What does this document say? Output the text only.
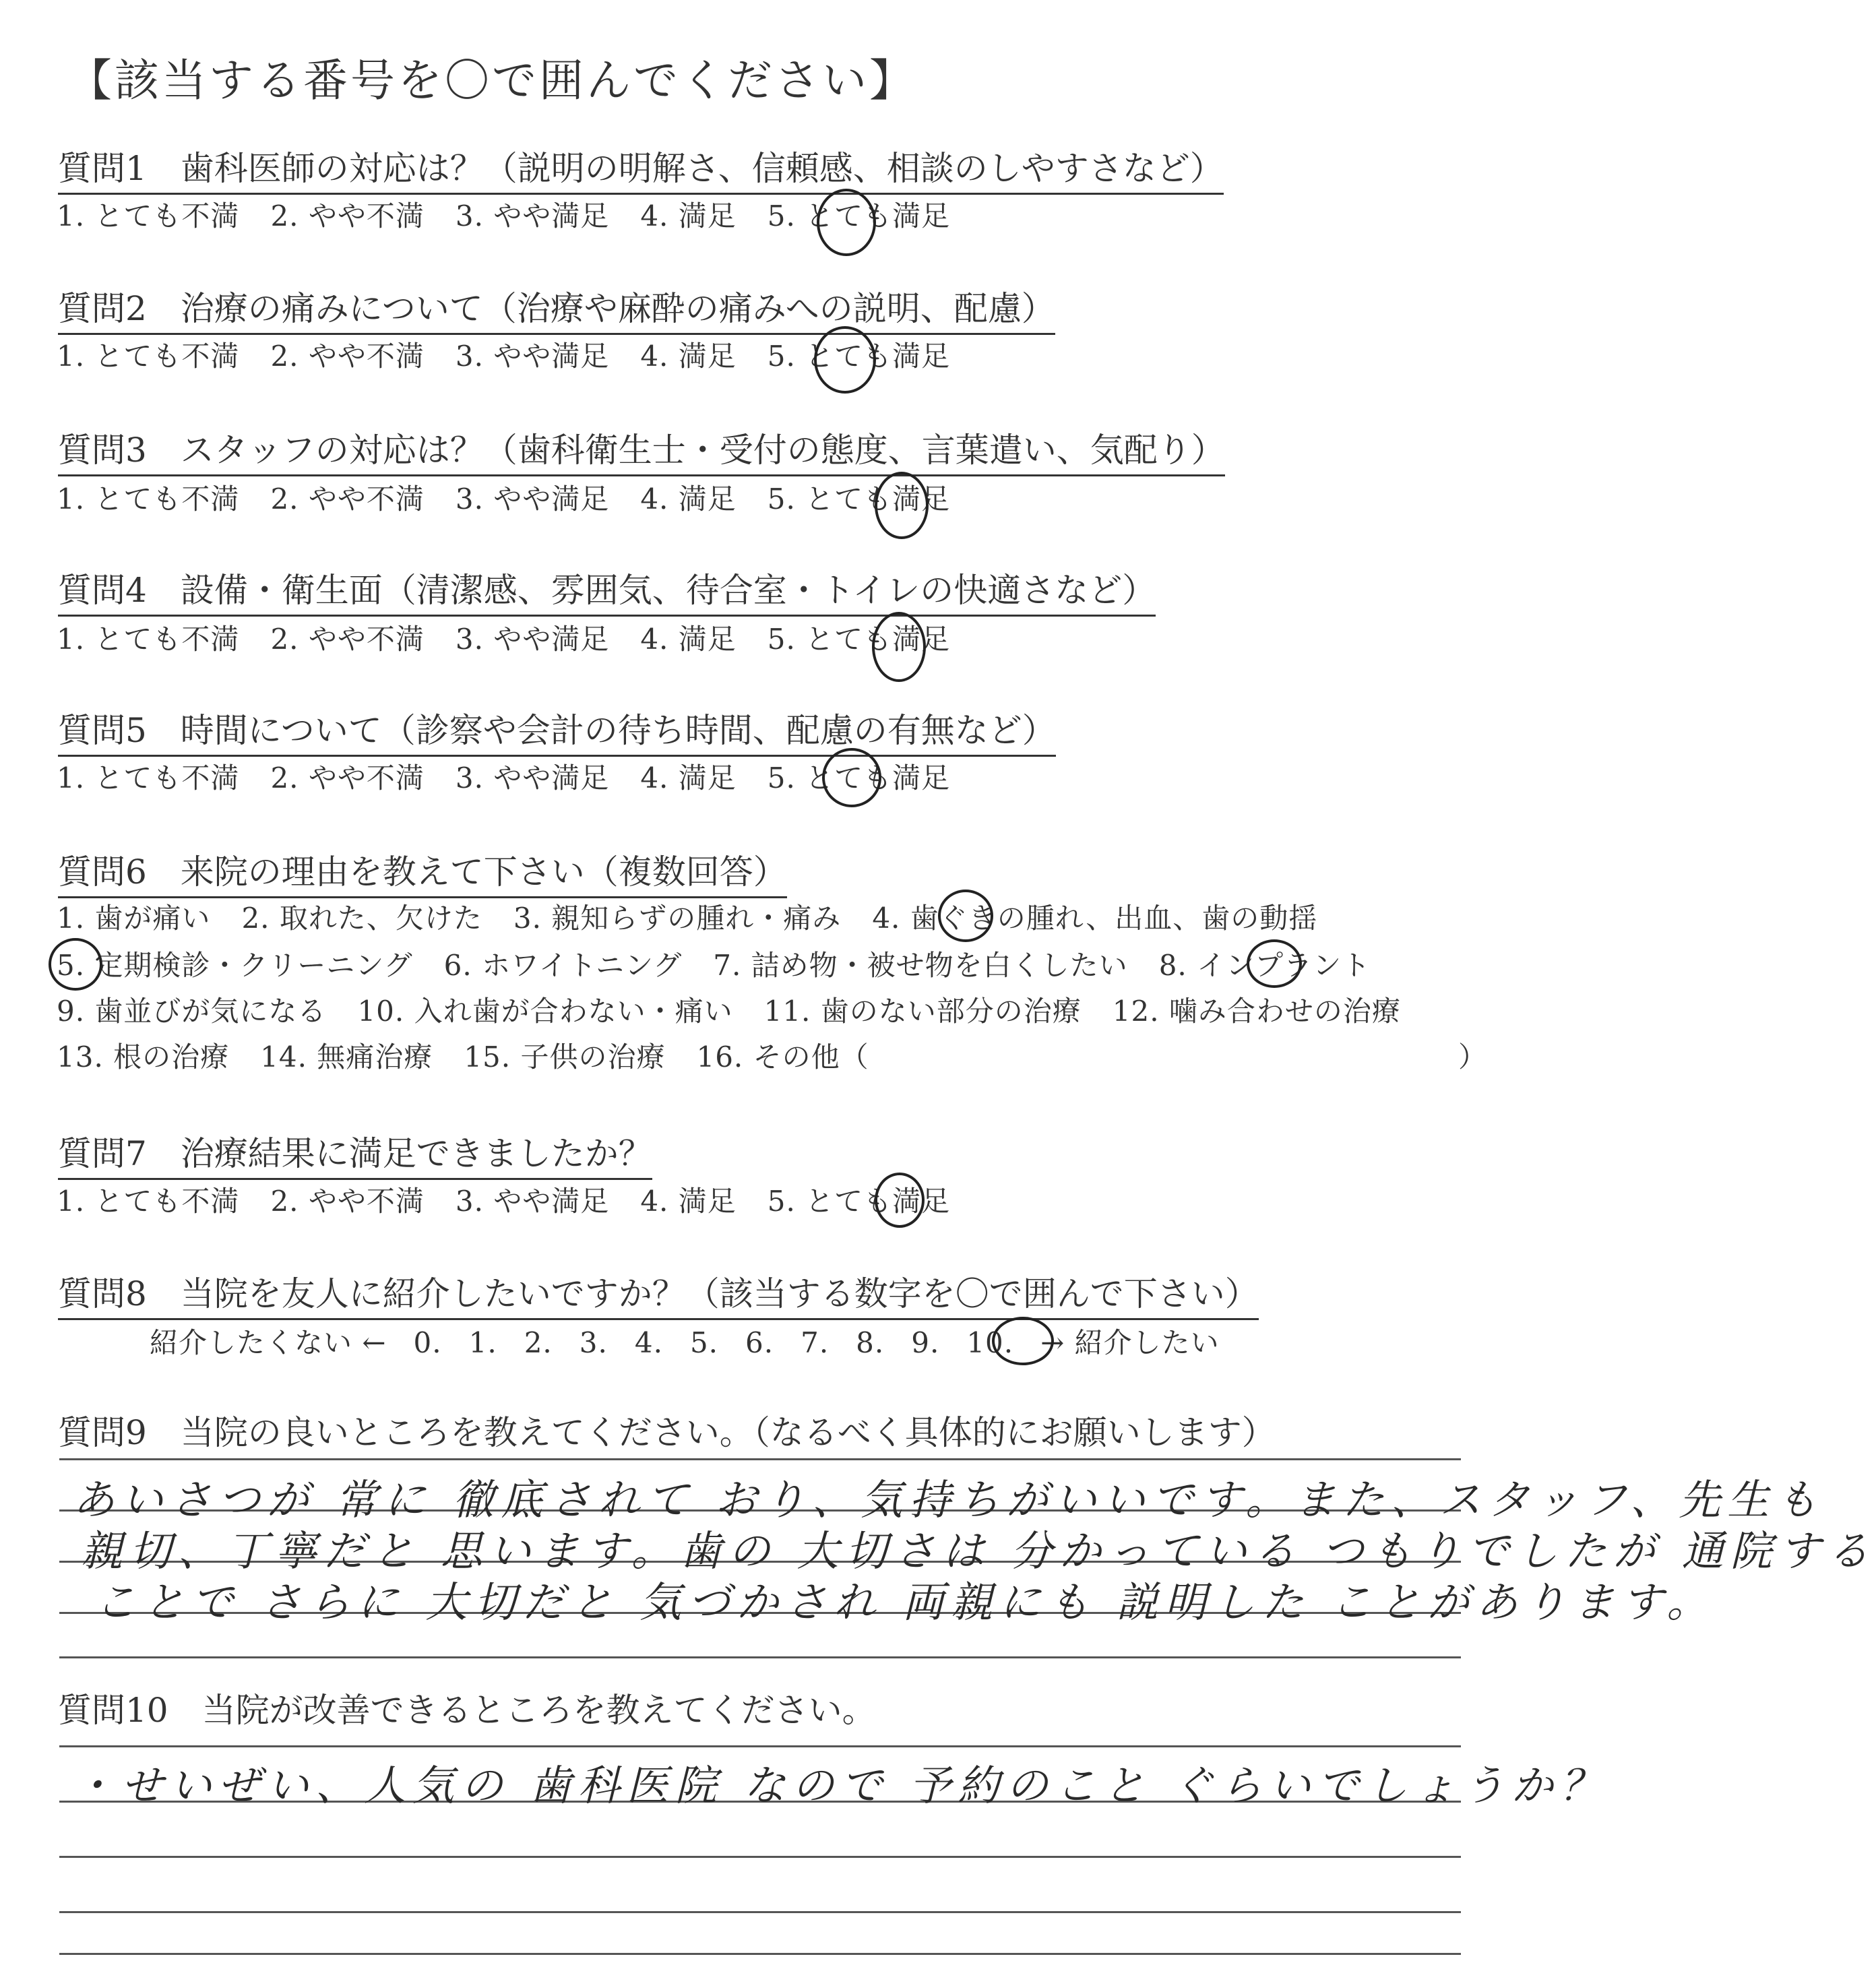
【該当する番号を〇で囲んでください】
質問1　歯科医師の対応は？（説明の明解さ、信頼感、相談のしやすさなど）
1. とても不満 2. やや不満 3. やや満足 4. 満足 5. とても満足
質問2　治療の痛みについて（治療や麻酔の痛みへの説明、配慮）
1. とても不満 2. やや不満 3. やや満足 4. 満足 5. とても満足
質問3　スタッフの対応は？（歯科衛生士・受付の態度、言葉遣い、気配り）
1. とても不満 2. やや不満 3. やや満足 4. 満足 5. とても満足
質問4　設備・衛生面（清潔感、雰囲気、待合室・トイレの快適さなど）
1. とても不満 2. やや不満 3. やや満足 4. 満足 5. とても満足
質問5　時間について（診察や会計の待ち時間、配慮の有無など）
1. とても不満 2. やや不満 3. やや満足 4. 満足 5. とても満足
質問6　来院の理由を教えて下さい（複数回答）
1. 歯が痛い 2. 取れた、欠けた 3. 親知らずの腫れ・痛み 4. 歯ぐきの腫れ、出血、歯の動揺
5. 定期検診・クリーニング 6. ホワイトニング 7. 詰め物・被せ物を白くしたい 8. インプラント
9. 歯並びが気になる 10. 入れ歯が合わない・痛い 11. 歯のない部分の治療 12. 噛み合わせの治療
13. 根の治療 14. 無痛治療 15. 子供の治療 16. その他（	）
質問7　治療結果に満足できましたか？
1. とても不満 2. やや不満 3. やや満足 4. 満足 5. とても満足
質問8　当院を友人に紹介したいですか？（該当する数字を〇で囲んで下さい）
紹介したくない ← 0. 1. 2. 3. 4. 5. 6. 7. 8. 9. 10. → 紹介したい
質問9　当院の良いところを教えてください。（なるべく具体的にお願いします）
あいさつが 常に 徹底されて おり、気持ちがいいです。また、スタッフ、先生も
親切、丁寧だと 思います。歯の 大切さは 分かっている つもりでしたが 通院する
ことで さらに 大切だと 気づかされ 両親にも 説明した ことがあります。
質問10　当院が改善できるところを教えてください。
・せいぜい、人気の 歯科医院 なので 予約のこと ぐらいでしょうか？
